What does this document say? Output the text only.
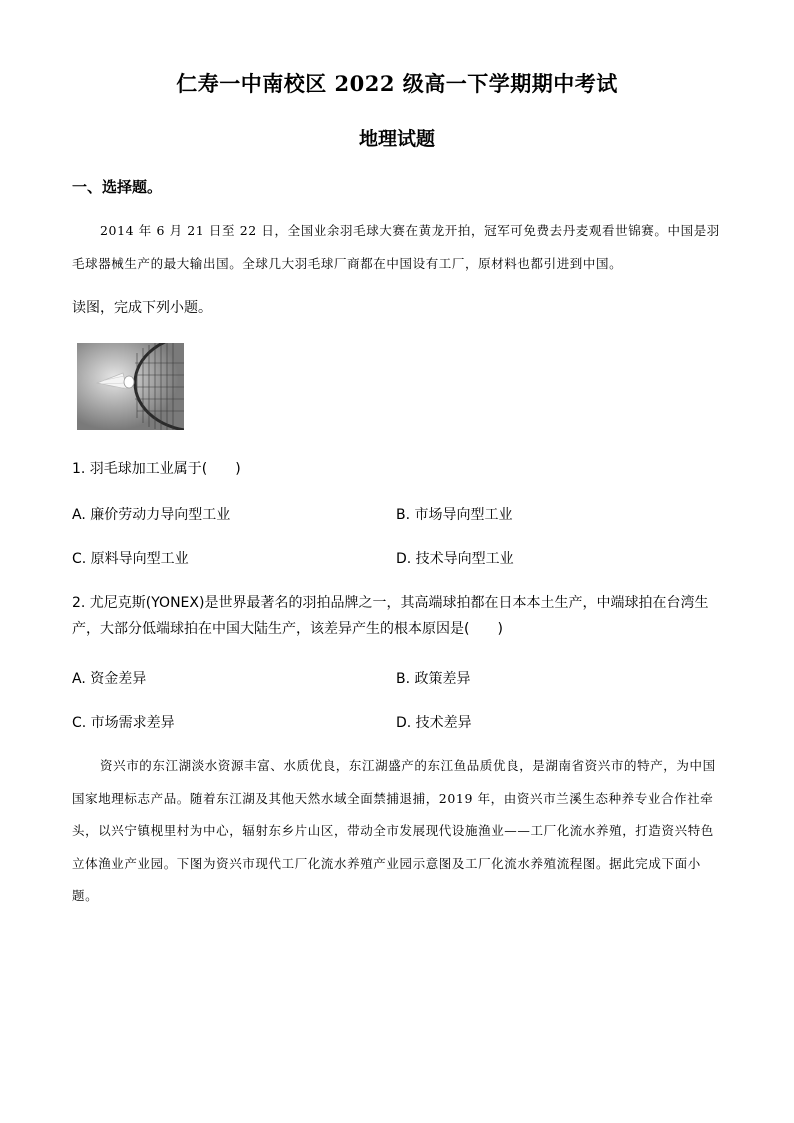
仁寿一中南校区 2022 级高一下学期期中考试
地理试题
一、选择题。
2014 年 6 月 21 日至 22 日，全国业余羽毛球大赛在黄龙开拍，冠军可免费去丹麦观看世锦赛。中国是羽毛球器械生产的最大输出国。全球几大羽毛球厂商都在中国设有工厂，原材料也都引进到中国。
读图，完成下列小题。
1. 羽毛球加工业属于(　　)
A. 廉价劳动力导向型工业	B. 市场导向型工业
C. 原料导向型工业	D. 技术导向型工业
2. 尤尼克斯(YONEX)是世界最著名的羽拍品牌之一，其高端球拍都在日本本土生产，中端球拍在台湾生产，大部分低端球拍在中国大陆生产，该差异产生的根本原因是(　　)
A. 资金差异	B. 政策差异
C. 市场需求差异	D. 技术差异
资兴市的东江湖淡水资源丰富、水质优良，东江湖盛产的东江鱼品质优良，是湖南省资兴市的特产，为中国国家地理标志产品。随着东江湖及其他天然水域全面禁捕退捕，2019 年，由资兴市兰溪生态种养专业合作社牵头，以兴宁镇枧里村为中心，辐射东乡片山区，带动全市发展现代设施渔业——工厂化流水养殖，打造资兴特色立体渔业产业园。下图为资兴市现代工厂化流水养殖产业园示意图及工厂化流水养殖流程图。据此完成下面小题。
